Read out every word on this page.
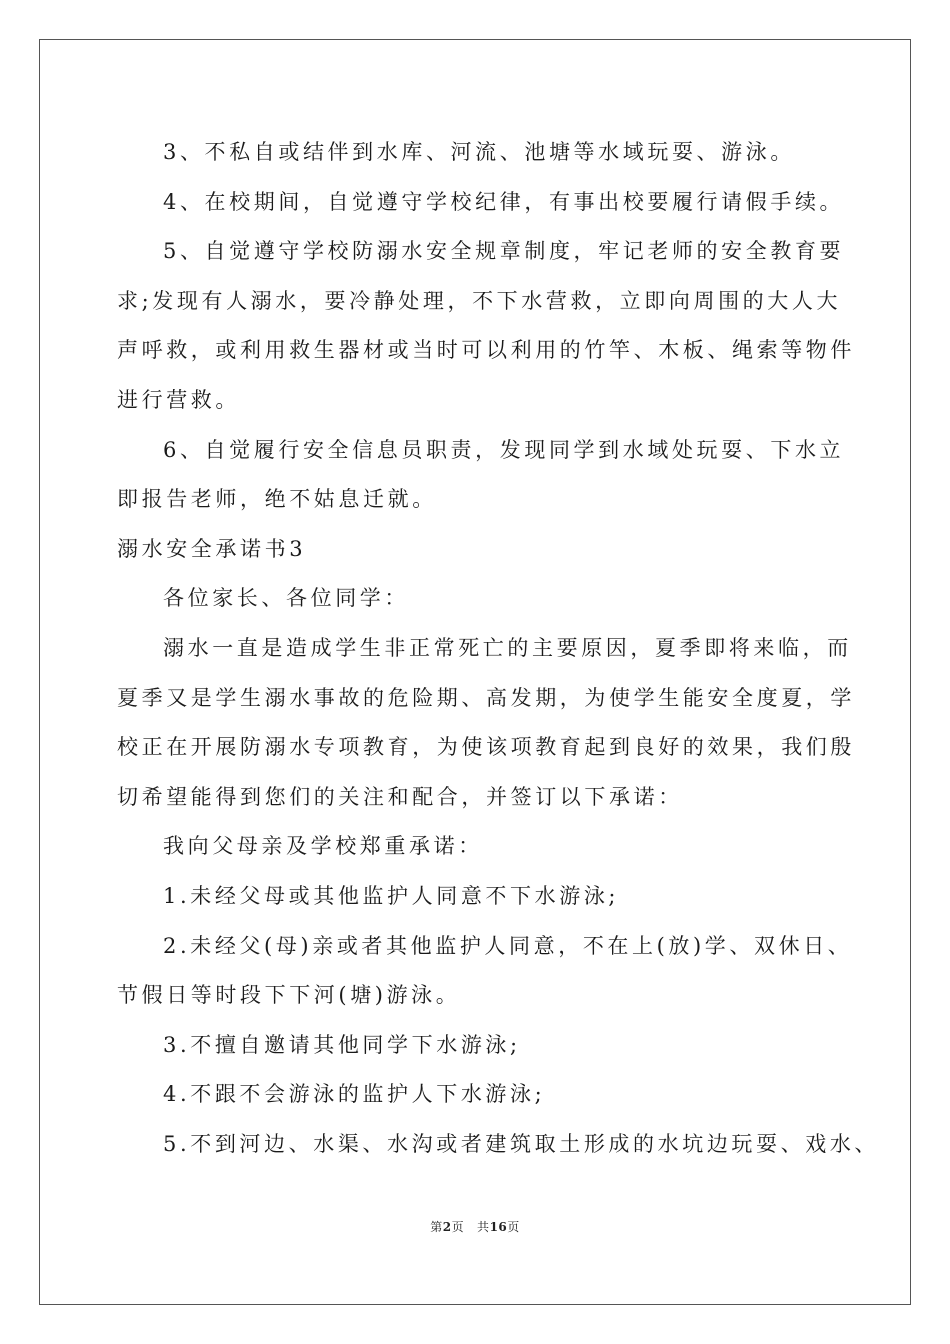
3、不私自或结伴到水库、河流、池塘等水域玩耍、游泳。
4、在校期间，自觉遵守学校纪律，有事出校要履行请假手续。
5、自觉遵守学校防溺水安全规章制度，牢记老师的安全教育要
求;发现有人溺水，要冷静处理，不下水营救，立即向周围的大人大
声呼救，或利用救生器材或当时可以利用的竹竿、木板、绳索等物件
进行营救。
6、自觉履行安全信息员职责，发现同学到水域处玩耍、下水立
即报告老师，绝不姑息迁就。
溺水安全承诺书3
各位家长、各位同学：
溺水一直是造成学生非正常死亡的主要原因，夏季即将来临，而
夏季又是学生溺水事故的危险期、高发期，为使学生能安全度夏，学
校正在开展防溺水专项教育，为使该项教育起到良好的效果，我们殷
切希望能得到您们的关注和配合，并签订以下承诺：
我向父母亲及学校郑重承诺：
1.未经父母或其他监护人同意不下水游泳;
2.未经父(母)亲或者其他监护人同意，不在上(放)学、双休日、
节假日等时段下下河(塘)游泳。
3.不擅自邀请其他同学下水游泳;
4.不跟不会游泳的监护人下水游泳;
5.不到河边、水渠、水沟或者建筑取土形成的水坑边玩耍、戏水、
第2页 共16页
